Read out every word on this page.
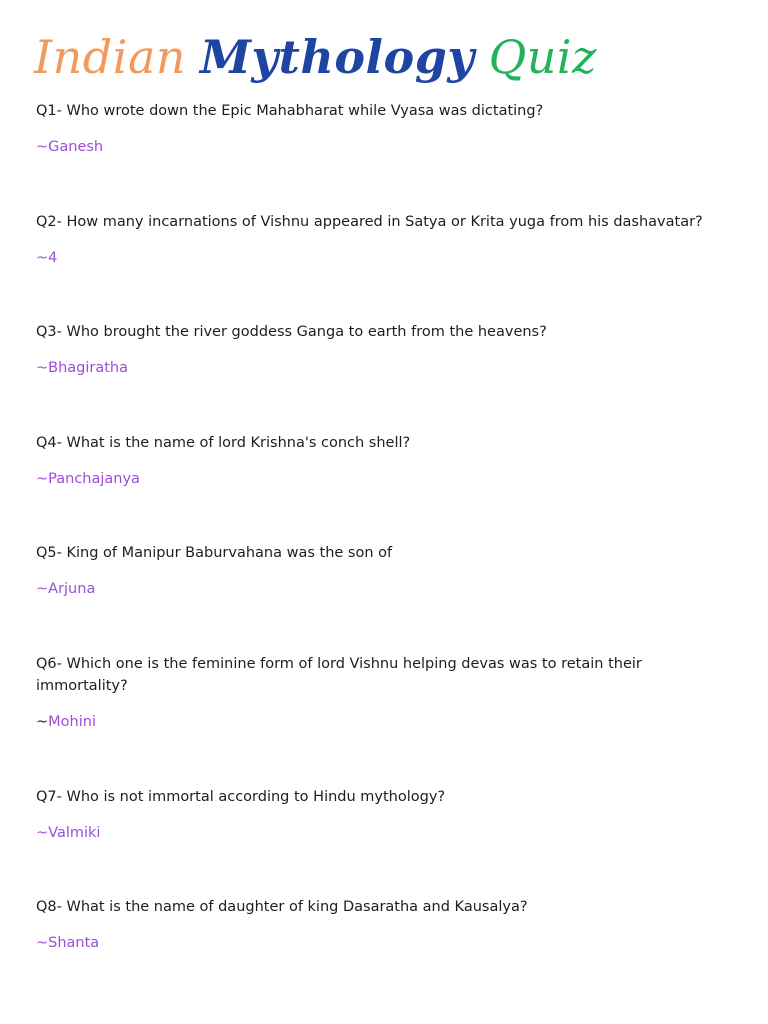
Indian Mythology Quiz

Q1- Who wrote down the Epic Mahabharat while Vyasa was dictating?

~Ganesh

Q2- How many incarnations of Vishnu appeared in Satya or Krita yuga from his dashavatar?

~4

Q3- Who brought the river goddess Ganga to earth from the heavens?

~Bhagiratha

Q4- What is the name of lord Krishna's conch shell?

~Panchajanya

Q5- King of Manipur Baburvahana was the son of

~Arjuna

Q6- Which one is the feminine form of lord Vishnu helping devas was to retain their immortality?

~Mohini

Q7- Who is not immortal according to Hindu mythology?

~Valmiki

Q8- What is the name of daughter of king Dasaratha and Kausalya?

~Shanta
